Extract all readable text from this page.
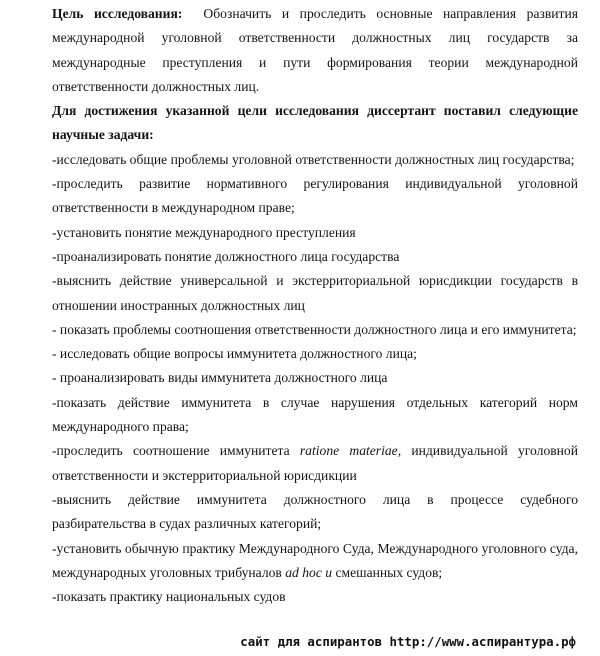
Цель исследования: Обозначить и проследить основные направления развития международной уголовной ответственности должностных лиц государств за международные преступления и пути формирования теории международной ответственности должностных лиц.

Для достижения указанной цели исследования диссертант поставил следующие научные задачи:

-исследовать общие проблемы уголовной ответственности должностных лиц государства;

-проследить развитие нормативного регулирования индивидуальной уголовной ответственности в международном праве;

-установить понятие международного преступления

-проанализировать понятие должностного лица государства

-выяснить действие универсальной и экстерриториальной юрисдикции государств в отношении иностранных должностных лиц

- показать проблемы соотношения ответственности должностного лица и его иммунитета;

- исследовать общие вопросы иммунитета должностного лица;

- проанализировать виды иммунитета должностного лица

-показать действие иммунитета в случае нарушения отдельных категорий норм международного права;

-проследить соотношение иммунитета ratione materiae, индивидуальной уголовной ответственности и экстерриториальной юрисдикции

-выяснить действие иммунитета должностного лица в процессе судебного разбирательства в судах различных категорий;

-установить обычную практику Международного Суда, Международного уголовного суда, международных уголовных трибуналов ad hoc и смешанных судов;

-показать практику национальных судов

сайт для аспирантов http://www.аспирантура.рф
